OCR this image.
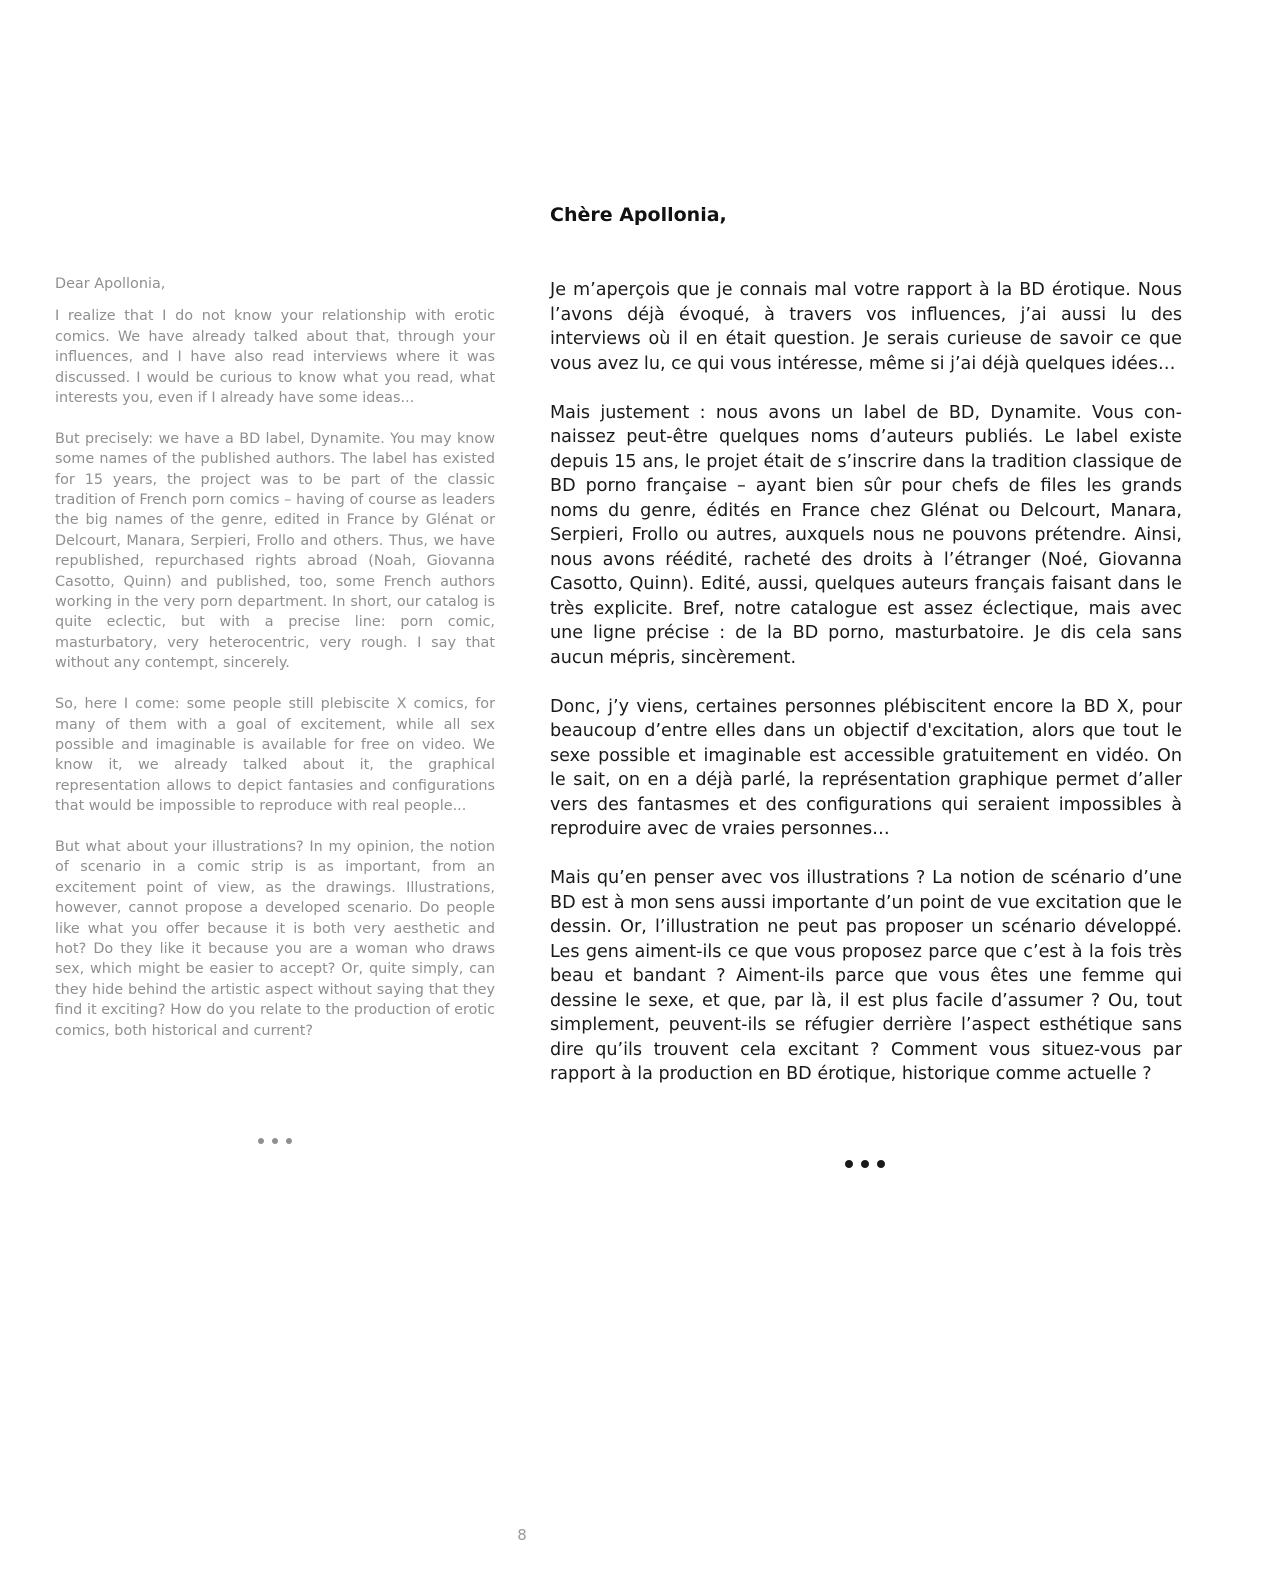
Chère Apollonia,

Dear Apollonia,

I realize that I do not know your relationship with erotic comics. We have already talked about that, through your influences, and I have also read interviews where it was discussed. I would be curious to know what you read, what interests you, even if I already have some ideas...

But precisely: we have a BD label, Dynamite. You may know some names of the published authors. The label has existed for 15 years, the project was to be part of the classic tradition of French porn comics – having of course as leaders the big names of the genre, edited in France by Glénat or Delcourt, Manara, Serpieri, Frollo and others. Thus, we have republished, repurchased rights abroad (Noah, Giovanna Casotto, Quinn) and published, too, some French authors working in the very porn department. In short, our catalog is quite eclectic, but with a precise line: porn comic, masturbatory, very heterocentric, very rough. I say that without any contempt, sincerely.

So, here I come: some people still plebiscite X comics, for many of them with a goal of excitement, while all sex possible and imaginable is available for free on video. We know it, we already talked about it, the graphical representation allows to depict fantasies and configurations that would be impossible to reproduce with real people...

But what about your illustrations? In my opinion, the notion of scenario in a comic strip is as important, from an excitement point of view, as the drawings. Illustrations, however, cannot propose a developed scenario. Do people like what you offer because it is both very aesthetic and hot? Do they like it because you are a woman who draws sex, which might be easier to accept? Or, quite simply, can they hide behind the artistic aspect without saying that they find it exciting? How do you relate to the production of erotic comics, both historical and current?

Je m’aperçois que je connais mal votre rapport à la BD érotique. Nous l’avons déjà évoqué, à travers vos influences, j’ai aussi lu des interviews où il en était question. Je serais curieuse de savoir ce que vous avez lu, ce qui vous intéresse, même si j’ai déjà quelques idées…

Mais justement : nous avons un label de BD, Dynamite. Vous connaissez peut-être quelques noms d’auteurs publiés. Le label existe depuis 15 ans, le projet était de s’inscrire dans la tradition classique de BD porno française – ayant bien sûr pour chefs de files les grands noms du genre, édités en France chez Glénat ou Delcourt, Manara, Serpieri, Frollo ou autres, auxquels nous ne pouvons prétendre. Ainsi, nous avons réédité, racheté des droits à l’étranger (Noé, Giovanna Casotto, Quinn). Edité, aussi, quelques auteurs français faisant dans le très explicite. Bref, notre catalogue est assez éclectique, mais avec une ligne précise : de la BD porno, masturbatoire. Je dis cela sans aucun mépris, sincèrement.

Donc, j’y viens, certaines personnes plébiscitent encore la BD X, pour beaucoup d’entre elles dans un objectif d'excitation, alors que tout le sexe possible et imaginable est accessible gratuitement en vidéo. On le sait, on en a déjà parlé, la représentation graphique permet d’aller vers des fantasmes et des configurations qui seraient impossibles à reproduire avec de vraies personnes…

Mais qu’en penser avec vos illustrations ? La notion de scénario d’une BD est à mon sens aussi importante d’un point de vue excitation que le dessin. Or, l’illustration ne peut pas proposer un scénario développé. Les gens aiment-ils ce que vous proposez parce que c’est à la fois très beau et bandant ? Aiment-ils parce que vous êtes une femme qui dessine le sexe, et que, par là, il est plus facile d’assumer ? Ou, tout simplement, peuvent-ils se réfugier derrière l’aspect esthétique sans dire qu’ils trouvent cela excitant ? Comment vous situez-vous par rapport à la production en BD érotique, historique comme actuelle ?

8
